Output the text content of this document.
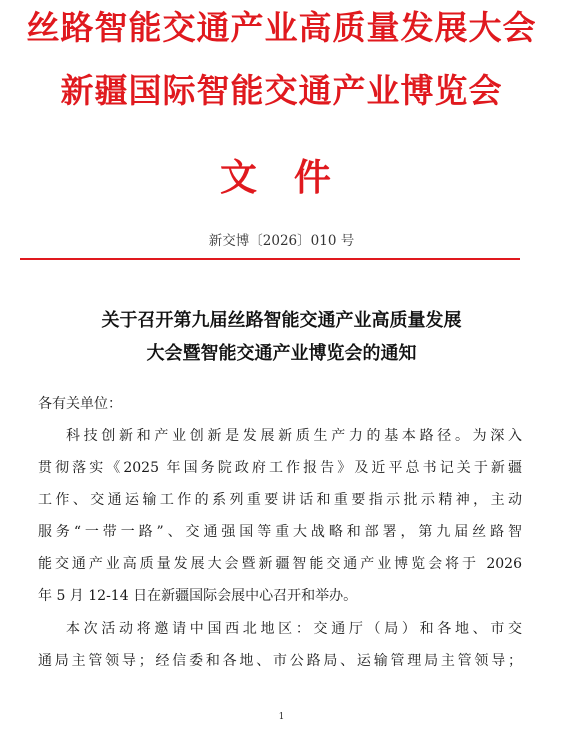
丝路智能交通产业高质量发展大会
新疆国际智能交通产业博览会
文 件
新交博〔2026〕010 号
关于召开第九届丝路智能交通产业高质量发展
大会暨智能交通产业博览会的通知
各有关单位：
科技创新和产业创新是发展新质生产力的基本路径。为深入
贯彻落实《2025 年国务院政府工作报告》及近平总书记关于新疆
工作、交通运输工作的系列重要讲话和重要指示批示精神，主动
服务“一带一路”、交通强国等重大战略和部署，第九届丝路智
能交通产业高质量发展大会暨新疆智能交通产业博览会将于 2026
年 5 月 12-14 日在新疆国际会展中心召开和举办。
本次活动将邀请中国西北地区：交通厅（局）和各地、市交
通局主管领导；经信委和各地、市公路局、运输管理局主管领导；
1
